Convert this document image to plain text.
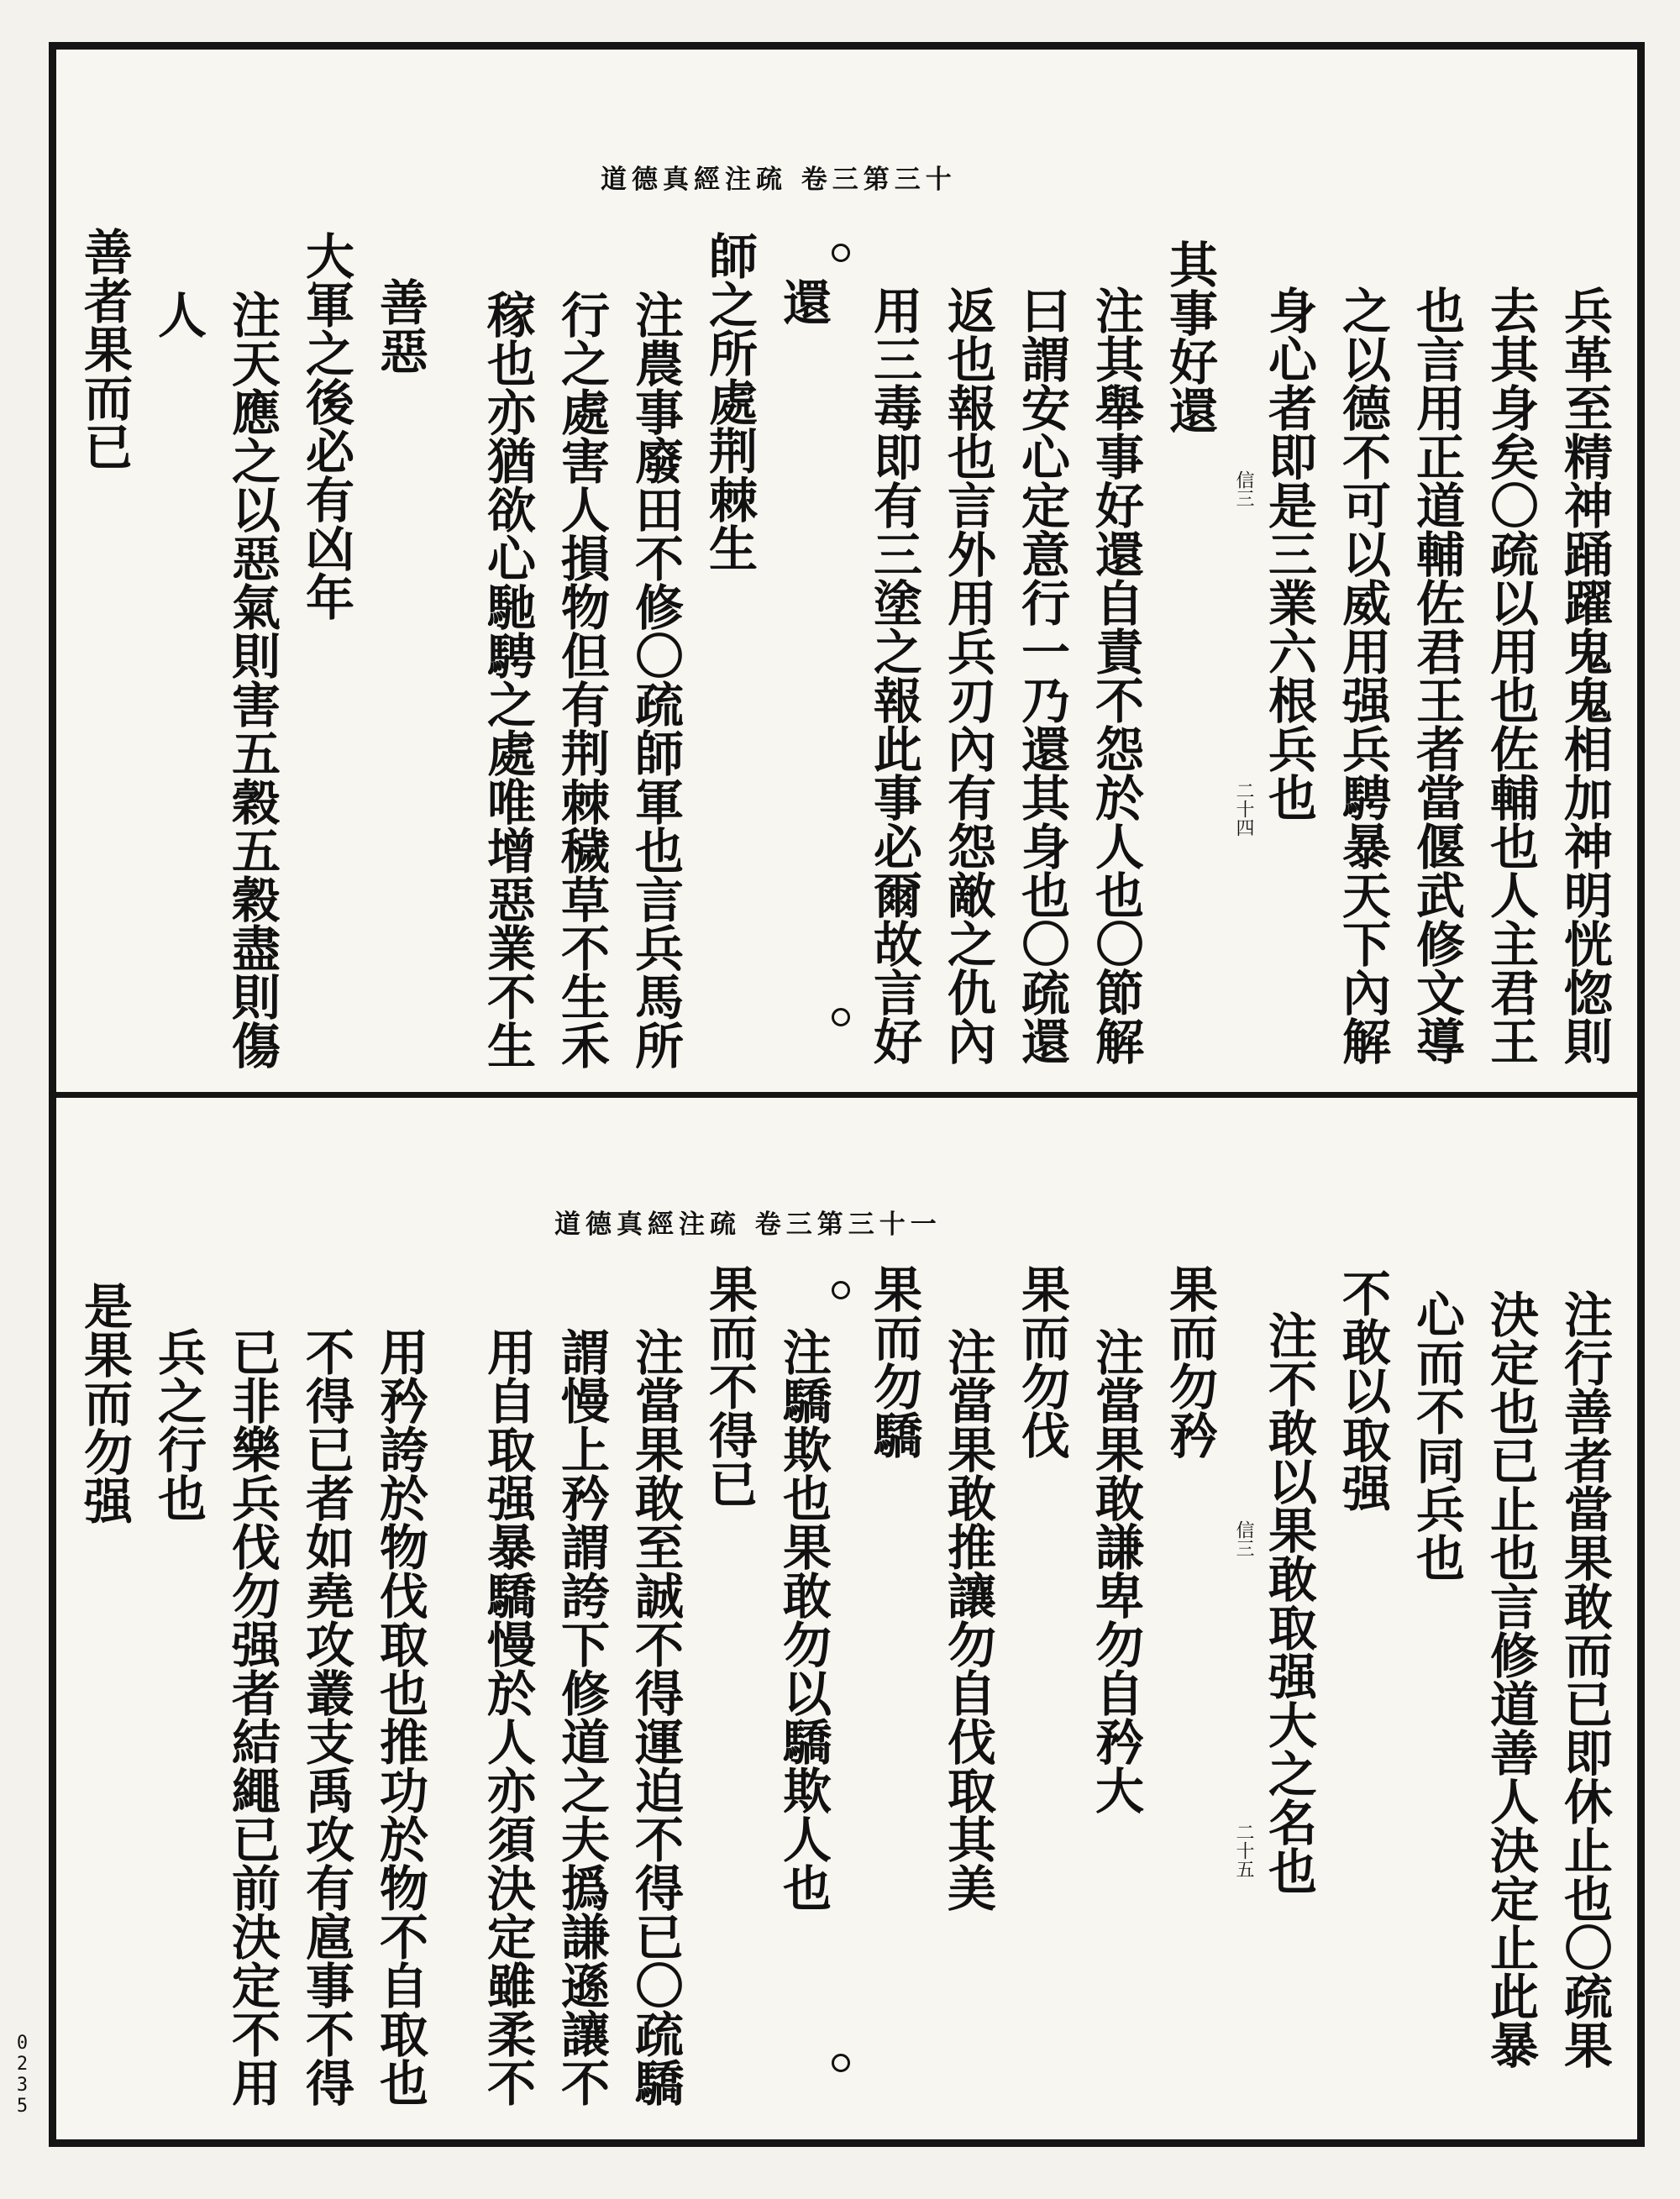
0235
道德真經注疏 卷三第三十
兵革至精神踊躍鬼鬼相加神明恍惚則
去其身矣〇疏以用也佐輔也人主君王
也言用正道輔佐君王者當偃武修文導
之以德不可以威用强兵騁暴天下內解
身心者即是三業六根兵也
信三
二十四
其事好還
注其舉事好還自責不怨於人也〇節解
曰謂安心定意行一乃還其身也〇疏還
返也報也言外用兵刃內有怨敵之仇內
用三毒即有三塗之報此事必爾故言好
還
師之所處荆棘生
注農事廢田不修〇疏師軍也言兵馬所
行之處害人損物但有荆棘穢草不生禾
稼也亦猶欲心馳騁之處唯增惡業不生
善惡
大軍之後必有凶年
注天應之以惡氣則害五穀五穀盡則傷
人
善者果而已
道德真經注疏 卷三第三十一
注行善者當果敢而已即休止也〇疏果
決定也已止也言修道善人決定止此暴
心而不同兵也
不敢以取强
注不敢以果敢取强大之名也
信三
二十五
果而勿矜
注當果敢謙卑勿自矜大
果而勿伐
注當果敢推讓勿自伐取其美
果而勿驕
注驕欺也果敢勿以驕欺人也
果而不得已
注當果敢至誠不得運迫不得已〇疏驕
謂慢上矜謂誇下修道之夫撝謙遜讓不
用自取强暴驕慢於人亦須決定雖柔不
用矜誇於物伐取也推功於物不自取也
不得已者如堯攻叢支禹攻有扈事不得
已非樂兵伐勿强者結繩已前決定不用
兵之行也
是果而勿强
